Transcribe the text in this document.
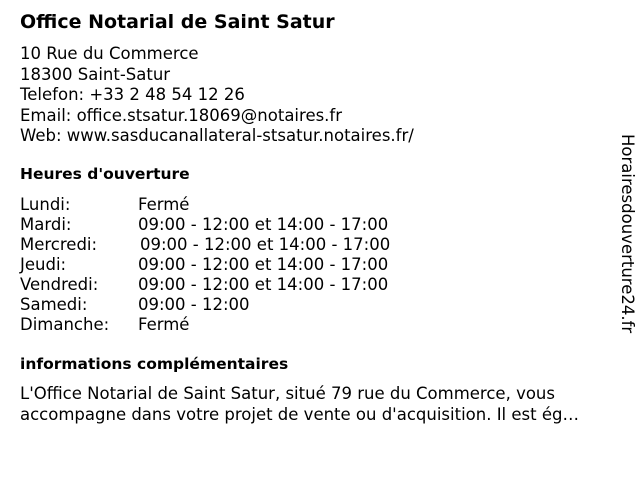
Office Notarial de Saint Satur
10 Rue du Commerce
18300 Saint-Satur
Telefon: +33 2 48 54 12 26
Email: office.stsatur.18069@notaires.fr
Web: www.sasducanallateral-stsatur.notaires.fr/
Heures d'ouverture
Lundi:	Fermé
Mardi:	09:00 - 12:00 et 14:00 - 17:00
Mercredi:	09:00 - 12:00 et 14:00 - 17:00
Jeudi:	09:00 - 12:00 et 14:00 - 17:00
Vendredi: 09:00 - 12:00 et 14:00 - 17:00
Samedi:	09:00 - 12:00
Dimanche: Fermé
informations complémentaires
L'Office Notarial de Saint Satur, situé 79 rue du Commerce, vous accompagne dans votre projet de vente ou d'acquisition. Il est ég…
Horairesdouverture24.fr
